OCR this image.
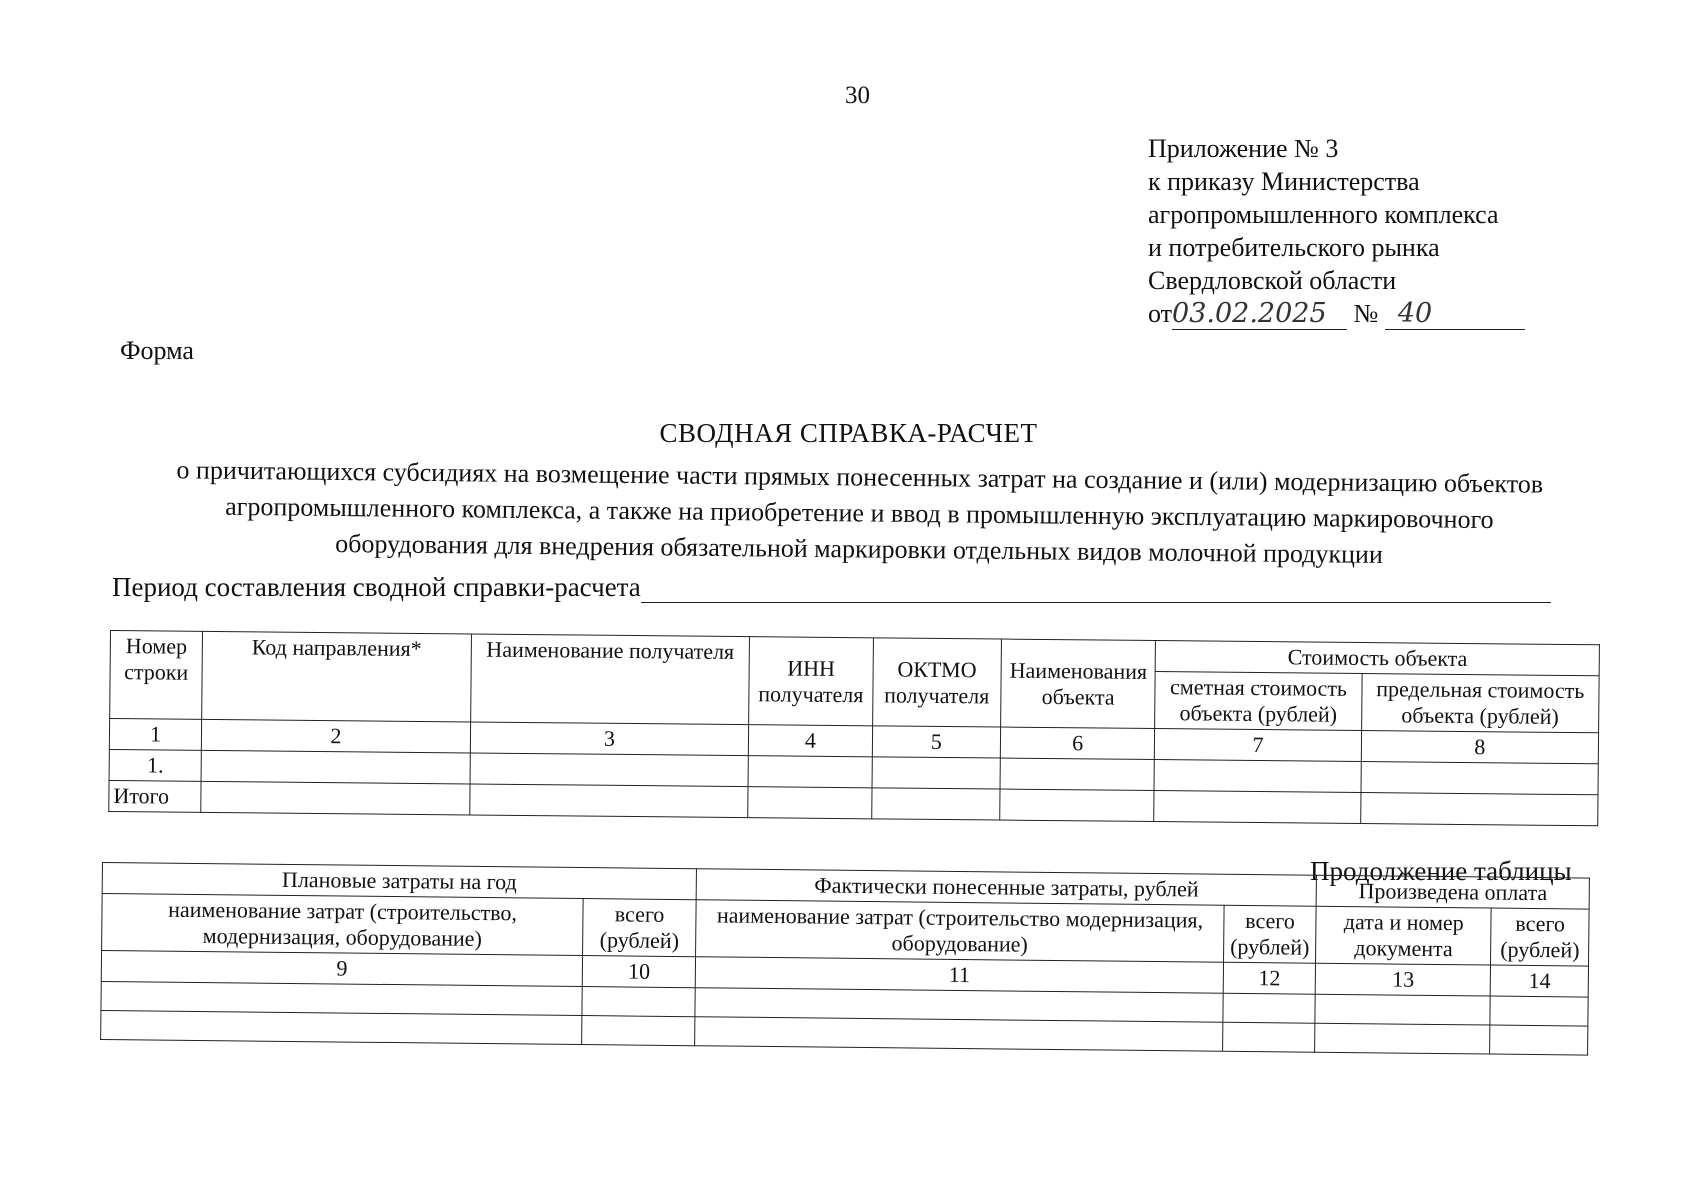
30
Приложение № 3
к приказу Министерства
агропромышленного комплекса
и потребительского рынка
Свердловской области
от03.02.2025 № 40
Форма
СВОДНАЯ СПРАВКА-РАСЧЕТ
о причитающихся субсидиях на возмещение части прямых понесенных затрат на создание и (или) модернизацию объектов агропромышленного комплекса, а также на приобретение и ввод в промышленную эксплуатацию маркировочного оборудования для внедрения обязательной маркировки отдельных видов молочной продукции
Период составления сводной справки-расчета
Номер строки	Код направления*	Наименование получателя	ИНН получателя	ОКТМО получателя	Наименования объекта	Стоимость объекта	
						сметная стоимость объекта (рублей)	предельная стоимость объекта (рублей)
1	2	3	4	5	6	7	8
1.							
Итого							
Продолжение таблицы
Плановые затраты на год		Фактически понесенные затраты, рублей		Произведена оплата	
наименование затрат (строительство, модернизация, оборудование)	всего (рублей)	наименование затрат (строительство модернизация, оборудование)	всего (рублей)	дата и номер документа	всего (рублей)
9	10	11	12	13	14
